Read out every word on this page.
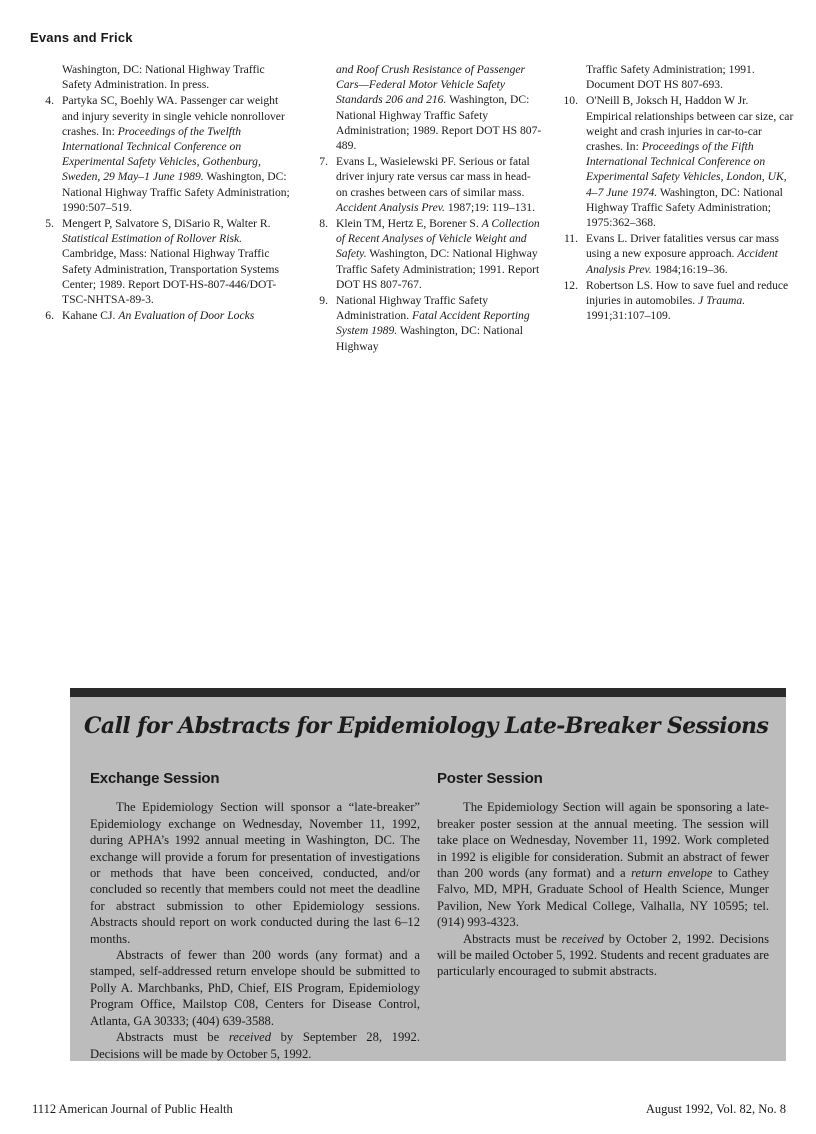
Evans and Frick
Washington, DC: National Highway Traffic Safety Administration. In press.
4. Partyka SC, Boehly WA. Passenger car weight and injury severity in single vehicle nonrollover crashes. In: Proceedings of the Twelfth International Technical Conference on Experimental Safety Vehicles, Gothenburg, Sweden, 29 May–1 June 1989. Washington, DC: National Highway Traffic Safety Administration; 1990:507–519.
5. Mengert P, Salvatore S, DiSario R, Walter R. Statistical Estimation of Rollover Risk. Cambridge, Mass: National Highway Traffic Safety Administration, Transportation Systems Center; 1989. Report DOT-HS-807-446/DOT-TSC-NHTSA-89-3.
6. Kahane CJ. An Evaluation of Door Locks
and Roof Crush Resistance of Passenger Cars—Federal Motor Vehicle Safety Standards 206 and 216. Washington, DC: National Highway Traffic Safety Administration; 1989. Report DOT HS 807-489.
7. Evans L, Wasielewski PF. Serious or fatal driver injury rate versus car mass in head-on crashes between cars of similar mass. Accident Analysis Prev. 1987;19: 119–131.
8. Klein TM, Hertz E, Borener S. A Collection of Recent Analyses of Vehicle Weight and Safety. Washington, DC: National Highway Traffic Safety Administration; 1991. Report DOT HS 807-767.
9. National Highway Traffic Safety Administration. Fatal Accident Reporting System 1989. Washington, DC: National Highway
Traffic Safety Administration; 1991. Document DOT HS 807-693.
10. O'Neill B, Joksch H, Haddon W Jr. Empirical relationships between car size, car weight and crash injuries in car-to-car crashes. In: Proceedings of the Fifth International Technical Conference on Experimental Safety Vehicles, London, UK, 4–7 June 1974. Washington, DC: National Highway Traffic Safety Administration; 1975:362–368.
11. Evans L. Driver fatalities versus car mass using a new exposure approach. Accident Analysis Prev. 1984;16:19–36.
12. Robertson LS. How to save fuel and reduce injuries in automobiles. J Trauma. 1991;31:107–109.
Call for Abstracts for Epidemiology Late-Breaker Sessions
Exchange Session

The Epidemiology Section will sponsor a “late-breaker” Epidemiology exchange on Wednesday, November 11, 1992, during APHA’s 1992 annual meeting in Washington, DC. The exchange will provide a forum for presentation of investigations or methods that have been conceived, conducted, and/or concluded so recently that members could not meet the deadline for abstract submission to other Epidemiology sessions. Abstracts should report on work conducted during the last 6–12 months.

Abstracts of fewer than 200 words (any format) and a stamped, self-addressed return envelope should be submitted to Polly A. Marchbanks, PhD, Chief, EIS Program, Epidemiology Program Office, Mailstop C08, Centers for Disease Control, Atlanta, GA 30333; (404) 639-3588.

Abstracts must be received by September 28, 1992. Decisions will be made by October 5, 1992.

Poster Session

The Epidemiology Section will again be sponsoring a late-breaker poster session at the annual meeting. The session will take place on Wednesday, November 11, 1992. Work completed in 1992 is eligible for consideration. Submit an abstract of fewer than 200 words (any format) and a return envelope to Cathey Falvo, MD, MPH, Graduate School of Health Science, Munger Pavilion, New York Medical College, Valhalla, NY 10595; tel. (914) 993-4323.

Abstracts must be received by October 2, 1992. Decisions will be mailed October 5, 1992. Students and recent graduates are particularly encouraged to submit abstracts.

1112 American Journal of Public Health	August 1992, Vol. 82, No. 8
